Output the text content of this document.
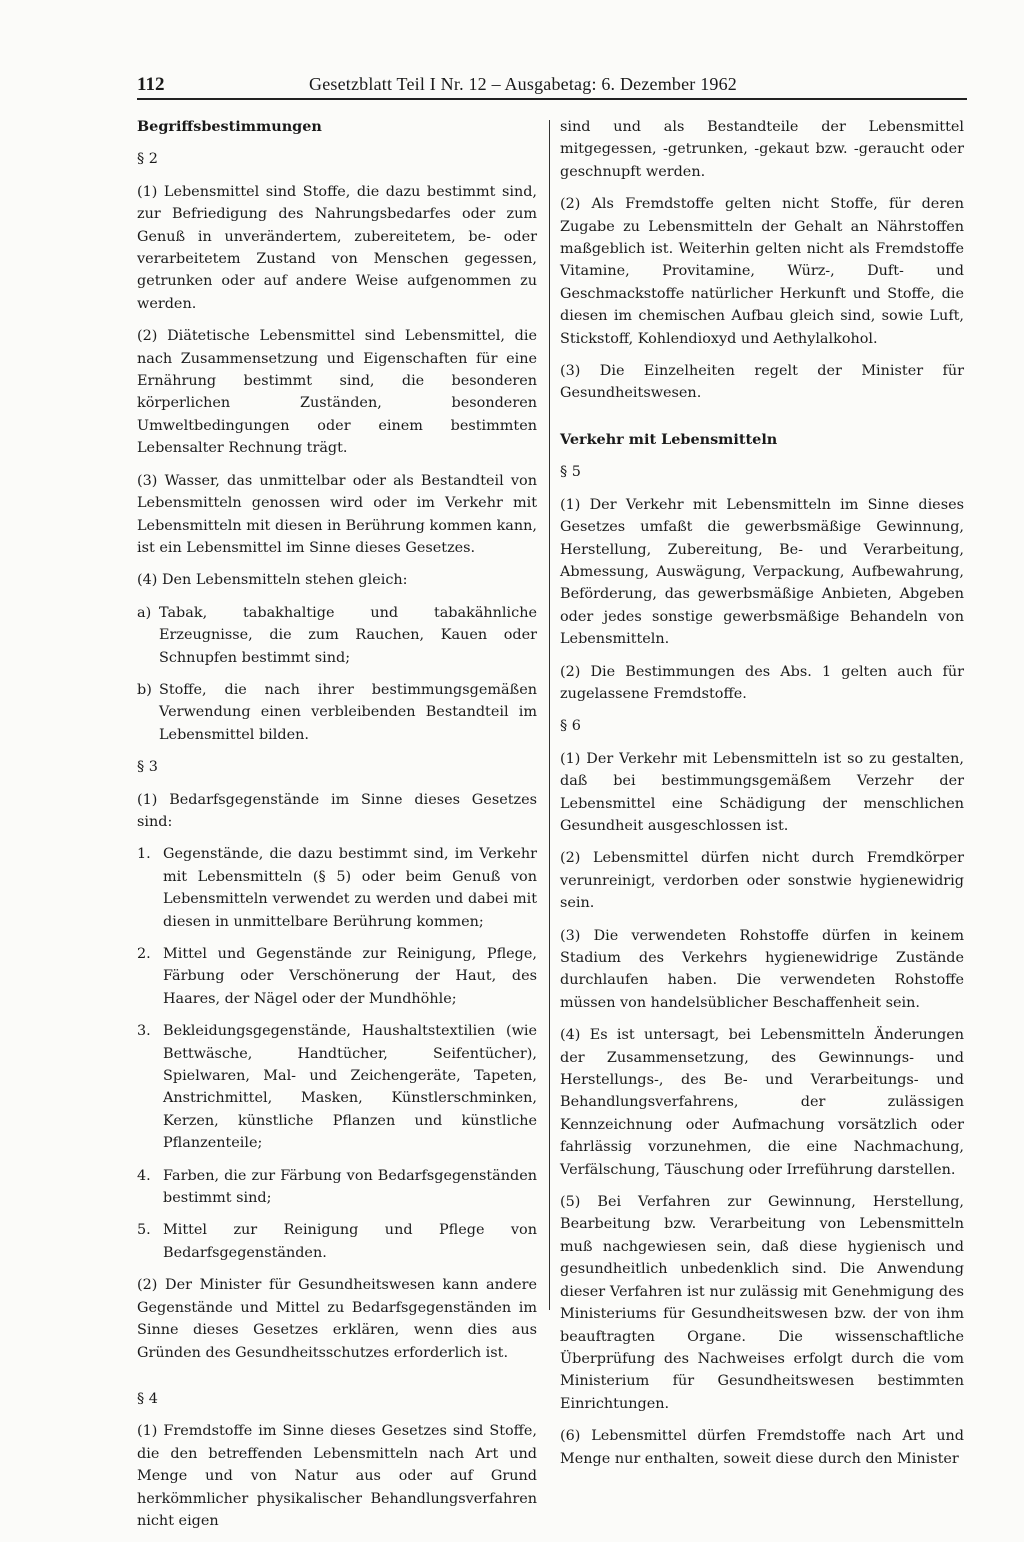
112	Gesetzblatt Teil I Nr. 12 – Ausgabetag: 6. Dezember 1962

Begriffsbestimmungen

§ 2

(1) Lebensmittel sind Stoffe, die dazu bestimmt sind, zur Befriedigung des Nahrungsbedarfes oder zum Genuß in unverändertem, zubereitetem, be- oder verarbeitetem Zustand von Menschen gegessen, getrunken oder auf andere Weise aufgenommen zu werden.

(2) Diätetische Lebensmittel sind Lebensmittel, die nach Zusammensetzung und Eigenschaften für eine Ernährung bestimmt sind, die besonderen körperlichen Zuständen, besonderen Umweltbedingungen oder einem bestimmten Lebensalter Rechnung trägt.

(3) Wasser, das unmittelbar oder als Bestandteil von Lebensmitteln genossen wird oder im Verkehr mit Lebensmitteln mit diesen in Berührung kommen kann, ist ein Lebensmittel im Sinne dieses Gesetzes.

(4) Den Lebensmitteln stehen gleich:

a) Tabak, tabakhaltige und tabakähnliche Erzeugnisse, die zum Rauchen, Kauen oder Schnupfen bestimmt sind;
b) Stoffe, die nach ihrer bestimmungsgemäßen Verwendung einen verbleibenden Bestandteil im Lebensmittel bilden.

§ 3

(1) Bedarfsgegenstände im Sinne dieses Gesetzes sind:

1. Gegenstände, die dazu bestimmt sind, im Verkehr mit Lebensmitteln (§ 5) oder beim Genuß von Lebensmitteln verwendet zu werden und dabei mit diesen in unmittelbare Berührung kommen;
2. Mittel und Gegenstände zur Reinigung, Pflege, Färbung oder Verschönerung der Haut, des Haares, der Nägel oder der Mundhöhle;
3. Bekleidungsgegenstände, Haushaltstextilien (wie Bettwäsche, Handtücher, Seifentücher), Spielwaren, Mal- und Zeichengeräte, Tapeten, Anstrichmittel, Masken, Künstlerschminken, Kerzen, künstliche Pflanzen und künstliche Pflanzenteile;
4. Farben, die zur Färbung von Bedarfsgegenständen bestimmt sind;
5. Mittel zur Reinigung und Pflege von Bedarfsgegenständen.

(2) Der Minister für Gesundheitswesen kann andere Gegenstände und Mittel zu Bedarfsgegenständen im Sinne dieses Gesetzes erklären, wenn dies aus Gründen des Gesundheitsschutzes erforderlich ist.

§ 4

(1) Fremdstoffe im Sinne dieses Gesetzes sind Stoffe, die den betreffenden Lebensmitteln nach Art und Menge und von Natur aus oder auf Grund herkömmlicher physikalischer Behandlungsverfahren nicht eigen

sind und als Bestandteile der Lebensmittel mitgegessen, -getrunken, -gekaut bzw. -geraucht oder geschnupft werden.

(2) Als Fremdstoffe gelten nicht Stoffe, für deren Zugabe zu Lebensmitteln der Gehalt an Nährstoffen maßgeblich ist. Weiterhin gelten nicht als Fremdstoffe Vitamine, Provitamine, Würz-, Duft- und Geschmackstoffe natürlicher Herkunft und Stoffe, die diesen im chemischen Aufbau gleich sind, sowie Luft, Stickstoff, Kohlendioxyd und Aethylalkohol.

(3) Die Einzelheiten regelt der Minister für Gesundheitswesen.

Verkehr mit Lebensmitteln

§ 5

(1) Der Verkehr mit Lebensmitteln im Sinne dieses Gesetzes umfaßt die gewerbsmäßige Gewinnung, Herstellung, Zubereitung, Be- und Verarbeitung, Abmessung, Auswägung, Verpackung, Aufbewahrung, Beförderung, das gewerbsmäßige Anbieten, Abgeben oder jedes sonstige gewerbsmäßige Behandeln von Lebensmitteln.

(2) Die Bestimmungen des Abs. 1 gelten auch für zugelassene Fremdstoffe.

§ 6

(1) Der Verkehr mit Lebensmitteln ist so zu gestalten, daß bei bestimmungsgemäßem Verzehr der Lebensmittel eine Schädigung der menschlichen Gesundheit ausgeschlossen ist.

(2) Lebensmittel dürfen nicht durch Fremdkörper verunreinigt, verdorben oder sonstwie hygienewidrig sein.

(3) Die verwendeten Rohstoffe dürfen in keinem Stadium des Verkehrs hygienewidrige Zustände durchlaufen haben. Die verwendeten Rohstoffe müssen von handelsüblicher Beschaffenheit sein.

(4) Es ist untersagt, bei Lebensmitteln Änderungen der Zusammensetzung, des Gewinnungs- und Herstellungs-, des Be- und Verarbeitungs- und Behandlungsverfahrens, der zulässigen Kennzeichnung oder Aufmachung vorsätzlich oder fahrlässig vorzunehmen, die eine Nachmachung, Verfälschung, Täuschung oder Irreführung darstellen.

(5) Bei Verfahren zur Gewinnung, Herstellung, Bearbeitung bzw. Verarbeitung von Lebensmitteln muß nachgewiesen sein, daß diese hygienisch und gesundheitlich unbedenklich sind. Die Anwendung dieser Verfahren ist nur zulässig mit Genehmigung des Ministeriums für Gesundheitswesen bzw. der von ihm beauftragten Organe. Die wissenschaftliche Überprüfung des Nachweises erfolgt durch die vom Ministerium für Gesundheitswesen bestimmten Einrichtungen.

(6) Lebensmittel dürfen Fremdstoffe nach Art und Menge nur enthalten, soweit diese durch den Minister
